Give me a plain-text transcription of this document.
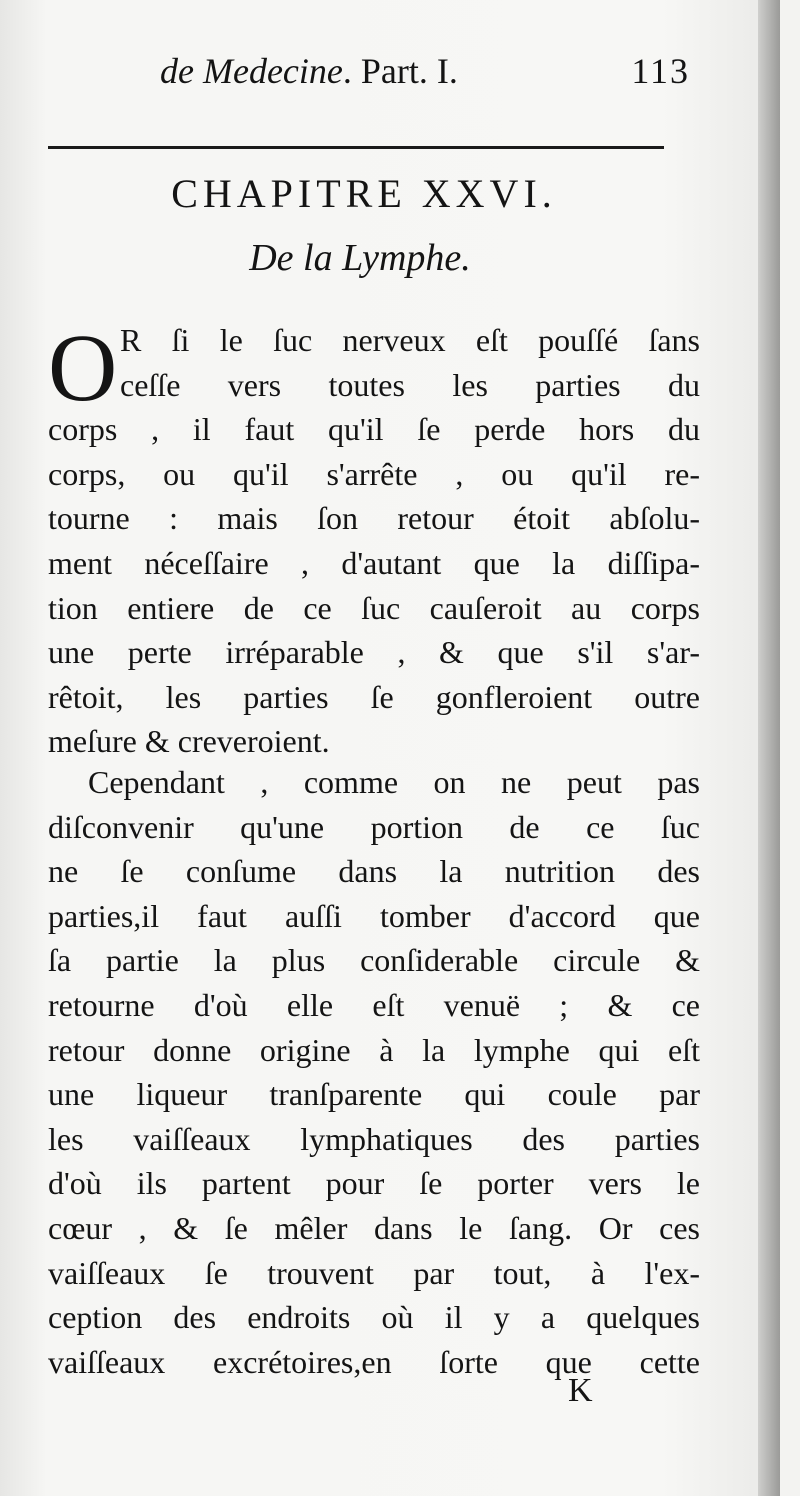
de Medecine. Part. I.	113
CHAPITRE XXVI.
De la Lymphe.
O R ſi le ſuc nerveux eſt pouſſé ſans
ceſſe vers toutes les parties du
corps , il faut qu'il ſe perde hors du
corps, ou qu'il s'arrête , ou qu'il re-
tourne : mais ſon retour étoit abſolu-
ment néceſſaire , d'autant que la diſſipa-
tion entiere de ce ſuc cauſeroit au corps
une perte irréparable , & que s'il s'ar-
rêtoit, les parties ſe gonfleroient outre
meſure & creveroient.
Cependant , comme on ne peut pas
diſconvenir qu'une portion de ce ſuc
ne ſe conſume dans la nutrition des
parties,il faut auſſi tomber d'accord que
ſa partie la plus conſiderable circule &
retourne d'où elle eſt venuë ; & ce
retour donne origine à la lymphe qui eſt
une liqueur tranſparente qui coule par
les vaiſſeaux lymphatiques des parties
d'où ils partent pour ſe porter vers le
cœur , & ſe mêler dans le ſang. Or ces
vaiſſeaux ſe trouvent par tout, à l'ex-
ception des endroits où il y a quelques
vaiſſeaux excrétoires,en ſorte que cette
K
